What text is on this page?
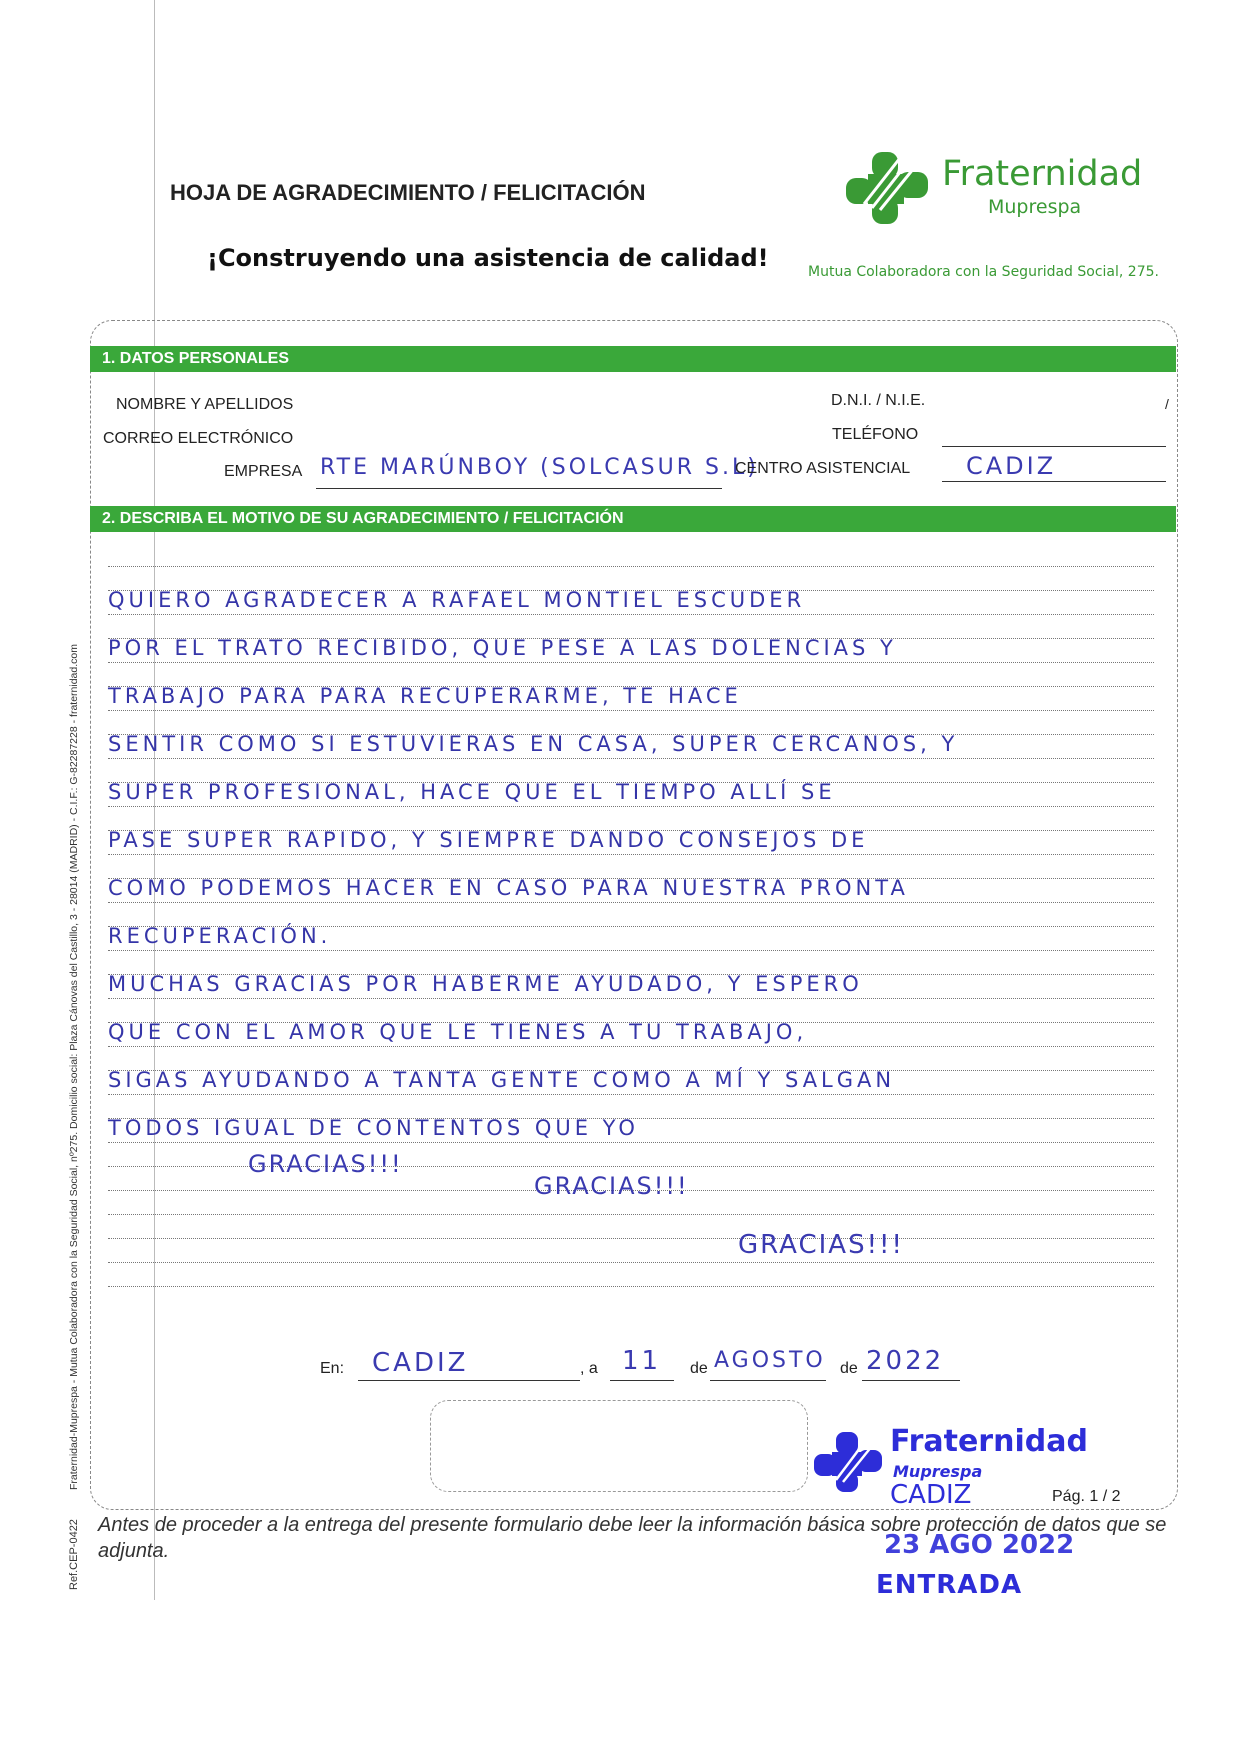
HOJA DE AGRADECIMIENTO / FELICITACIÓN
¡Construyendo una asistencia de calidad!
Fraternidad
Muprespa
Mutua Colaboradora con la Seguridad Social, 275.
Fraternidad-Muprespa - Mutua Colaboradora con la Seguridad Social, nº275. Domicilio social: Plaza Cánovas del Castillo, 3 - 28014 (MADRID) - C.I.F.: G-82287228 - fraternidad.com
Ref.CEP-0422
1. DATOS PERSONALES
NOMBRE Y APELLIDOS	D.N.I. / N.I.E.	/
CORREO ELECTRÓNICO	TELÉFONO
EMPRESA RTE MARÚNBOY (SOLCASUR S.L)
CENTRO ASISTENCIAL CADIZ
2. DESCRIBA EL MOTIVO DE SU AGRADECIMIENTO / FELICITACIÓN
QUIERO AGRADECER A RAFAEL MONTIEL ESCUDER
POR EL TRATO RECIBIDO, QUE PESE A LAS DOLENCIAS Y
TRABAJO PARA PARA RECUPERARME, TE HACE
SENTIR COMO SI ESTUVIERAS EN CASA, SUPER CERCANOS, Y
SUPER PROFESIONAL, HACE QUE EL TIEMPO ALLÍ SE
PASE SUPER RAPIDO, Y SIEMPRE DANDO CONSEJOS DE
COMO PODEMOS HACER EN CASO PARA NUESTRA PRONTA
RECUPERACIÓN.
MUCHAS GRACIAS POR HABERME AYUDADO, Y ESPERO
QUE CON EL AMOR QUE LE TIENES A TU TRABAJO,
SIGAS AYUDANDO A TANTA GENTE COMO A MÍ Y SALGAN
TODOS IGUAL DE CONTENTOS QUE YO
GRACIAS!!!
GRACIAS!!!
GRACIAS!!!
En: CADIZ	, a 11 de AGOSTO de 2022
Fraternidad
Muprespa
CADIZ	Pág. 1 / 2
Antes de proceder a la entrega del presente formulario debe leer la información básica sobre protección de datos que se adjunta.	23 AGO 2022
ENTRADA
